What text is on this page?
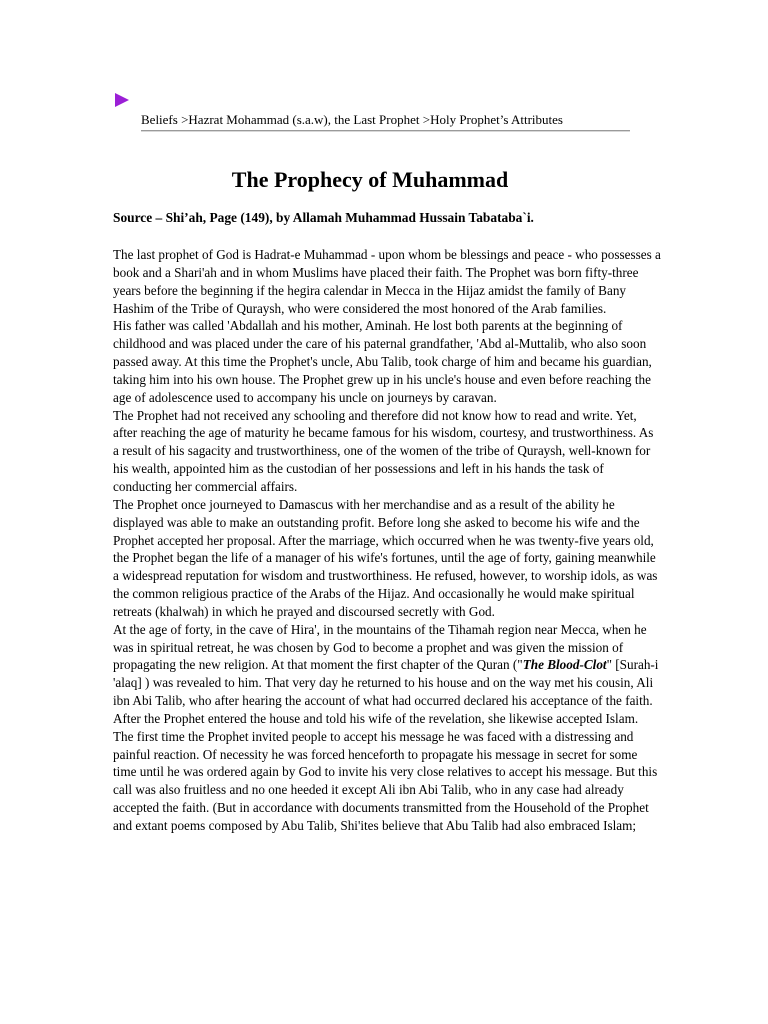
Beliefs >Hazrat Mohammad (s.a.w), the Last Prophet >Holy Prophet’s Attributes
The Prophecy of Muhammad
Source – Shi’ah, Page (149), by Allamah Muhammad Hussain Tabataba`i.

The last prophet of God is Hadrat-e Muhammad - upon whom be blessings and peace - who possesses a book and a Shari'ah and in whom Muslims have placed their faith. The Prophet was born fifty-three years before the beginning if the hegira calendar in Mecca in the Hijaz amidst the family of Bany Hashim of the Tribe of Quraysh, who were considered the most honored of the Arab families.

His father was called 'Abdallah and his mother, Aminah. He lost both parents at the beginning of childhood and was placed under the care of his paternal grandfather, 'Abd al-Muttalib, who also soon passed away. At this time the Prophet's uncle, Abu Talib, took charge of him and became his guardian, taking him into his own house. The Prophet grew up in his uncle's house and even before reaching the age of adolescence used to accompany his uncle on journeys by caravan.

The Prophet had not received any schooling and therefore did not know how to read and write. Yet, after reaching the age of maturity he became famous for his wisdom, courtesy, and trustworthiness. As a result of his sagacity and trustworthiness, one of the women of the tribe of Quraysh, well-known for his wealth, appointed him as the custodian of her possessions and left in his hands the task of conducting her commercial affairs.

The Prophet once journeyed to Damascus with her merchandise and as a result of the ability he displayed was able to make an outstanding profit. Before long she asked to become his wife and the Prophet accepted her proposal. After the marriage, which occurred when he was twenty-five years old, the Prophet began the life of a manager of his wife's fortunes, until the age of forty, gaining meanwhile a widespread reputation for wisdom and trustworthiness. He refused, however, to worship idols, as was the common religious practice of the Arabs of the Hijaz. And occasionally he would make spiritual retreats (khalwah) in which he prayed and discoursed secretly with God.

At the age of forty, in the cave of Hira', in the mountains of the Tihamah region near Mecca, when he was in spiritual retreat, he was chosen by God to become a prophet and was given the mission of propagating the new religion. At that moment the first chapter of the Quran ("The Blood-Clot" [Surah-i 'alaq] ) was revealed to him. That very day he returned to his house and on the way met his cousin, Ali ibn Abi Talib, who after hearing the account of what had occurred declared his acceptance of the faith. After the Prophet entered the house and told his wife of the revelation, she likewise accepted Islam.

The first time the Prophet invited people to accept his message he was faced with a distressing and painful reaction. Of necessity he was forced henceforth to propagate his message in secret for some time until he was ordered again by God to invite his very close relatives to accept his message. But this call was also fruitless and no one heeded it except Ali ibn Abi Talib, who in any case had already accepted the faith. (But in accordance with documents transmitted from the Household of the Prophet and extant poems composed by Abu Talib, Shi'ites believe that Abu Talib had also embraced Islam;
